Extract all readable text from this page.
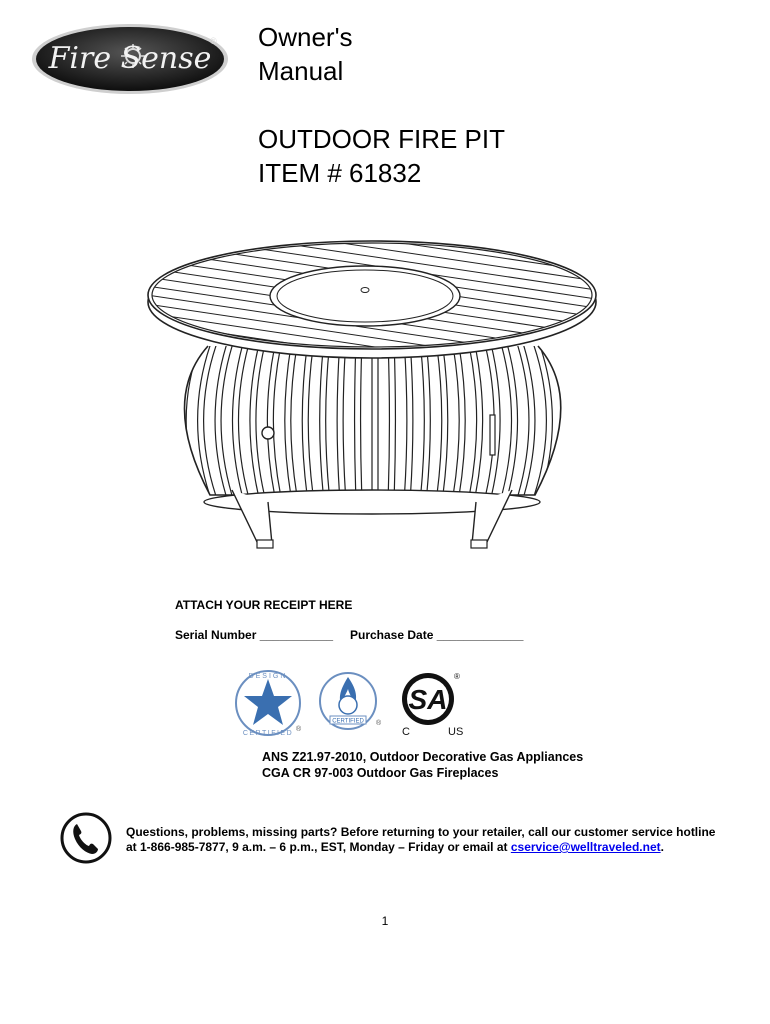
Fire Sense
® Owner's
Manual
OUTDOOR FIRE PIT
ITEM # 61832
ATTACH YOUR RECEIPT HERE
Serial Number ___________ Purchase Date _____________
DESIGN
CERTIFIED
®
CERTIFIED ®
SA
®
C	US
ANS Z21.97-2010, Outdoor Decorative Gas Appliances
CGA CR 97-003 Outdoor Gas Fireplaces
Questions, problems, missing parts? Before returning to your retailer, call our customer service hotline at 1-866-985-7877, 9 a.m. – 6 p.m., EST, Monday – Friday or email at cservice@welltraveled.net.
1
